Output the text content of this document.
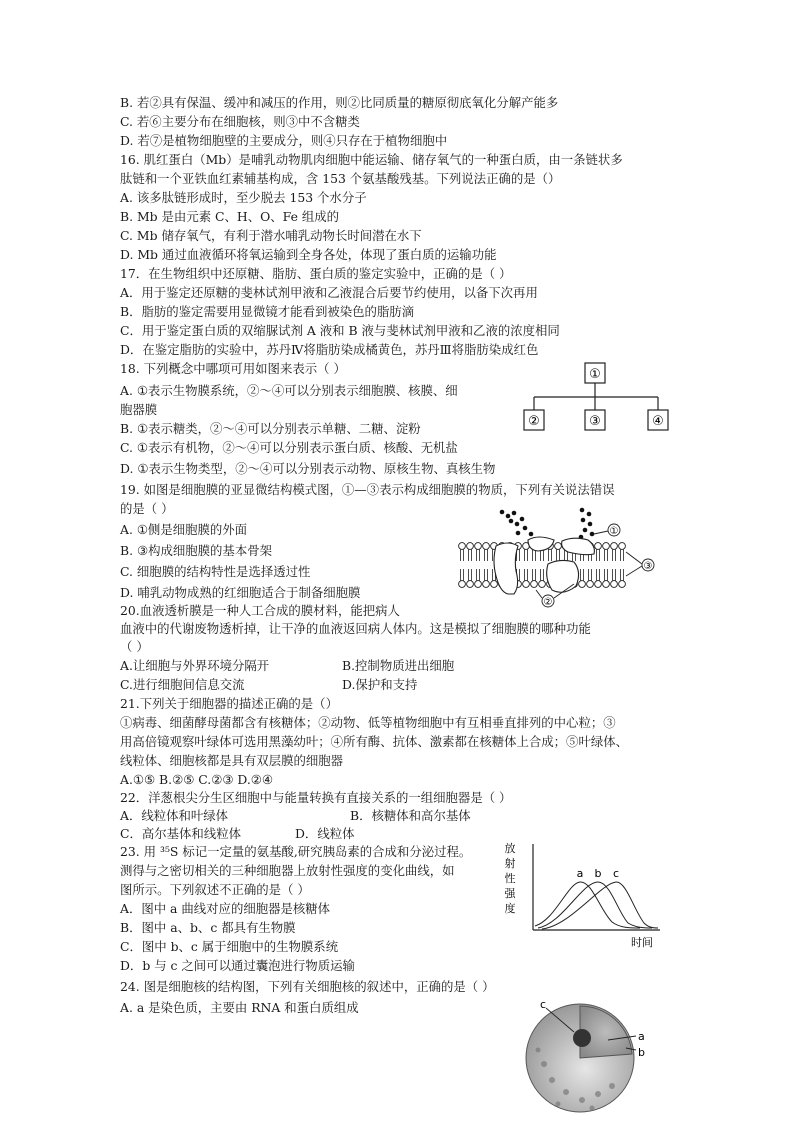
B. 若②具有保温、缓冲和减压的作用，则②比同质量的糖原彻底氧化分解产能多
C. 若⑥主要分布在细胞核，则③中不含糖类
D. 若⑦是植物细胞壁的主要成分，则④只存在于植物细胞中
16. 肌红蛋白（Mb）是哺乳动物肌肉细胞中能运输、储存氧气的一种蛋白质，由一条链状多
肽链和一个亚铁血红素辅基构成，含 153 个氨基酸残基。下列说法正确的是（）
A. 该多肽链形成时，至少脱去 153 个水分子
B. Mb 是由元素 C、H、O、Fe 组成的
C. Mb 储存氧气，有利于潜水哺乳动物长时间潜在水下
D. Mb 通过血液循环将氧运输到全身各处，体现了蛋白质的运输功能
17．在生物组织中还原糖、脂肪、蛋白质的鉴定实验中，正确的是（ ）
A．用于鉴定还原糖的斐林试剂甲液和乙液混合后要节约使用，以备下次再用
B．脂肪的鉴定需要用显微镜才能看到被染色的脂肪滴
C．用于鉴定蛋白质的双缩脲试剂 A 液和 B 液与斐林试剂甲液和乙液的浓度相同
D．在鉴定脂肪的实验中，苏丹Ⅳ将脂肪染成橘黄色，苏丹Ⅲ将脂肪染成红色
18. 下列概念中哪项可用如图来表示（ ）
A. ①表示生物膜系统，②～④可以分别表示细胞膜、核膜、细
胞器膜
B. ①表示糖类，②～④可以分别表示单糖、二糖、淀粉
C. ①表示有机物，②～④可以分别表示蛋白质、核酸、无机盐
D. ①表示生物类型，②～④可以分别表示动物、原核生物、真核生物
19. 如图是细胞膜的亚显微结构模式图，①—③表示构成细胞膜的物质，下列有关说法错误
的是（ ）
A. ①侧是细胞膜的外面
B. ③构成细胞膜的基本骨架
C. 细胞膜的结构特性是选择透过性
D. 哺乳动物成熟的红细胞适合于制备细胞膜
20.血液透析膜是一种人工合成的膜材料，能把病人
血液中的代谢废物透析掉，让干净的血液返回病人体内。这是模拟了细胞膜的哪种功能
（ ）
A.让细胞与外界环境分隔开	B.控制物质进出细胞
C.进行细胞间信息交流	D.保护和支持
21.下列关于细胞器的描述正确的是（）
①病毒、细菌酵母菌都含有核糖体；②动物、低等植物细胞中有互相垂直排列的中心粒；③
用高倍镜观察叶绿体可选用黑藻幼叶；④所有酶、抗体、激素都在核糖体上合成；⑤叶绿体、
线粒体、细胞核都是具有双层膜的细胞器
A.①⑤ B.②⑤ C.②③ D.②④
22．洋葱根尖分生区细胞中与能量转换有直接关系的一组细胞器是（ ）
A．线粒体和叶绿体	B．核糖体和高尔基体
C．高尔基体和线粒体	D．线粒体
23. 用 ³⁵S 标记一定量的氨基酸,研究胰岛素的合成和分泌过程。
测得与之密切相关的三种细胞器上放射性强度的变化曲线，如
图所示。下列叙述不正确的是（ ）
A．图中 a 曲线对应的细胞器是核糖体
B．图中 a、b、c 都具有生物膜
C．图中 b、c 属于细胞中的生物膜系统
D．b 与 c 之间可以通过囊泡进行物质运输
24. 图是细胞核的结构图，下列有关细胞核的叙述中，正确的是（ ）
A. a 是染色质，主要由 RNA 和蛋白质组成
①
②	③	④
①
②
③
放
射
性
强
度
a b c
时间
c
a
b
